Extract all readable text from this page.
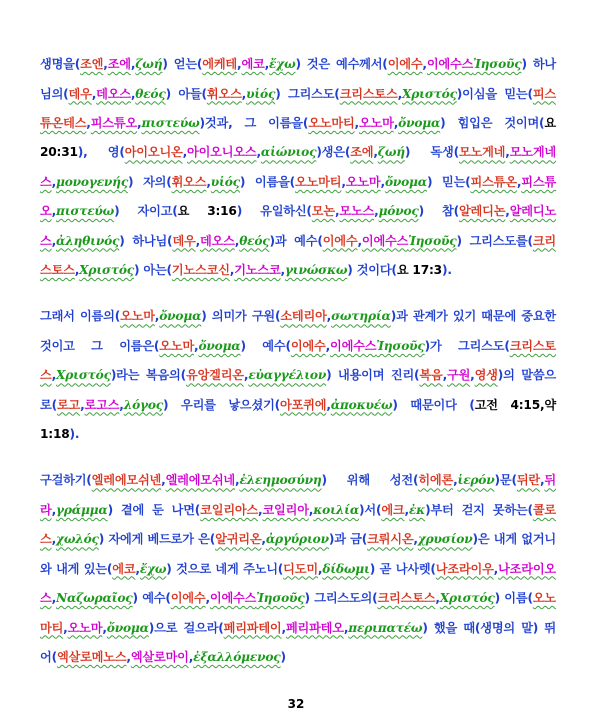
생명을(조엔,조에,ζωή) 얻는(에케테,에코,ἔχω) 것은 예수께서(이에수,이에수스Ἰησοῦς) 하나님의(데우,데오스,θεός) 아들(휘오스,υἱός) 그리스도(크리스토스,Χριστός)이심을 믿는(피스튜온테스,피스튜오,πιστεύω)것과, 그 이름을(오노마티,오노마,ὄνομα) 힘입은 것이며(요 20:31), 영(아이오니온,아이오니오스,αἰώνιος)생은(조에,ζωή) 독생(모노게네,모노게네스,μονογενής) 자의(휘오스,υἱός) 이름을(오노마티,오노마,ὄνομα) 믿는(피스튜온,피스튜오,πιστεύω) 자이고(요 3:16) 유일하신(모논,모노스,μόνος) 참(알레디논,알레디노스,ἀληθινός) 하나님(데우,데오스,θεός)과 예수(이에수,이에수스Ἰησοῦς) 그리스도를(크리스토스,Χριστός) 아는(기노스코신,기노스코,γινώσκω) 것이다(요 17:3).

그래서 이름의(오노마,ὄνομα) 의미가 구원(소테리아,σωτηρία)과 관계가 있기 때문에 중요한 것이고 그 이름은(오노마,ὄνομα) 예수(이에수,이에수스Ἰησοῦς)가 그리스도(크리스토스,Χριστός)라는 복음의(유앙겔리온,εὐαγγέλιον) 내용이며 진리(복음,구원,영생)의 말씀으로(로고,로고스,λόγος) 우리를 낳으셨기(아포퀴에,ἀποκυέω) 때문이다 (고전 4:15,약 1:18).

구걸하기(엘레에모쉬넨,엘레에모쉬네,ἐλεημοσύνη) 위해 성전(히에론,ἱερόν)문(뒤란,뒤라,γράμμα) 곁에 둔 나면(코일리아스,코일리아,κοιλία)서(에크,ἐκ)부터 걷지 못하는(콜로스,χωλός) 자에게 베드로가 은(알귀리온,ἀργύριον)과 금(크뤼시온,χρυσίον)은 내게 없거니와 내게 있는(에코,ἔχω) 것으로 네게 주노니(디도미,δίδωμι) 곧 나사렛(나조라이우,나조라이오스,Ναζωραῖος) 예수(이에수,이에수스Ἰησοῦς) 그리스도의(크리스토스,Χριστός) 이름(오노마티,오노마,ὄνομα)으로 걸으라(페리파테이,페리파테오,περιπατέω) 했을 때(생명의 말) 뛰어(엑살로메노스,엑살로마이,ἐξαλλόμενος)

32
